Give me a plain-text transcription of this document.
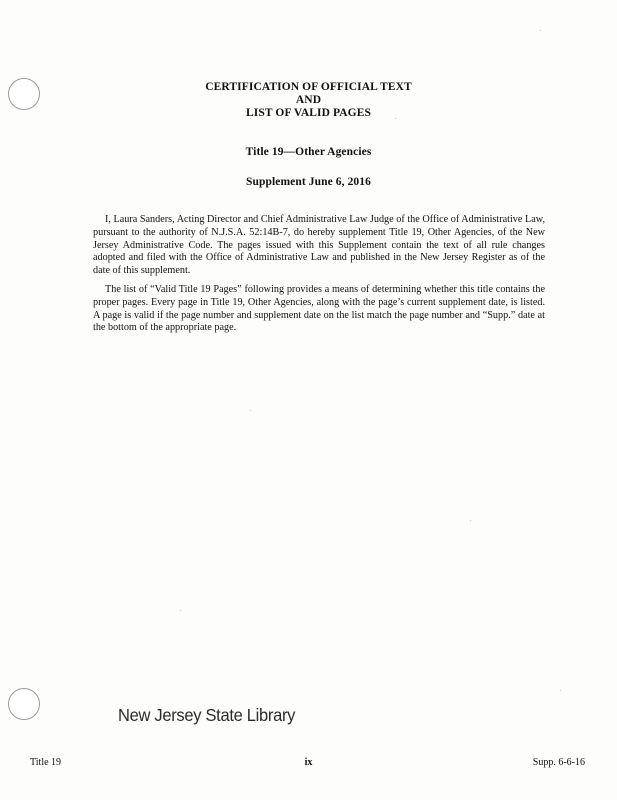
CERTIFICATION OF OFFICIAL TEXT
AND
LIST OF VALID PAGES
Title 19—Other Agencies
Supplement June 6, 2016

I, Laura Sanders, Acting Director and Chief Administrative Law Judge of the Office of Administrative Law, pursuant to the authority of N.J.S.A. 52:14B-7, do hereby supplement Title 19, Other Agencies, of the New Jersey Administrative Code. The pages issued with this Supplement contain the text of all rule changes adopted and filed with the Office of Administrative Law and published in the New Jersey Register as of the date of this supplement.

The list of “Valid Title 19 Pages” following provides a means of determining whether this title contains the proper pages. Every page in Title 19, Other Agencies, along with the page’s current supplement date, is listed. A page is valid if the page number and supplement date on the list match the page number and “Supp.” date at the bottom of the appropriate page.

New Jersey State Library
Title 19	ix	Supp. 6-6-16
